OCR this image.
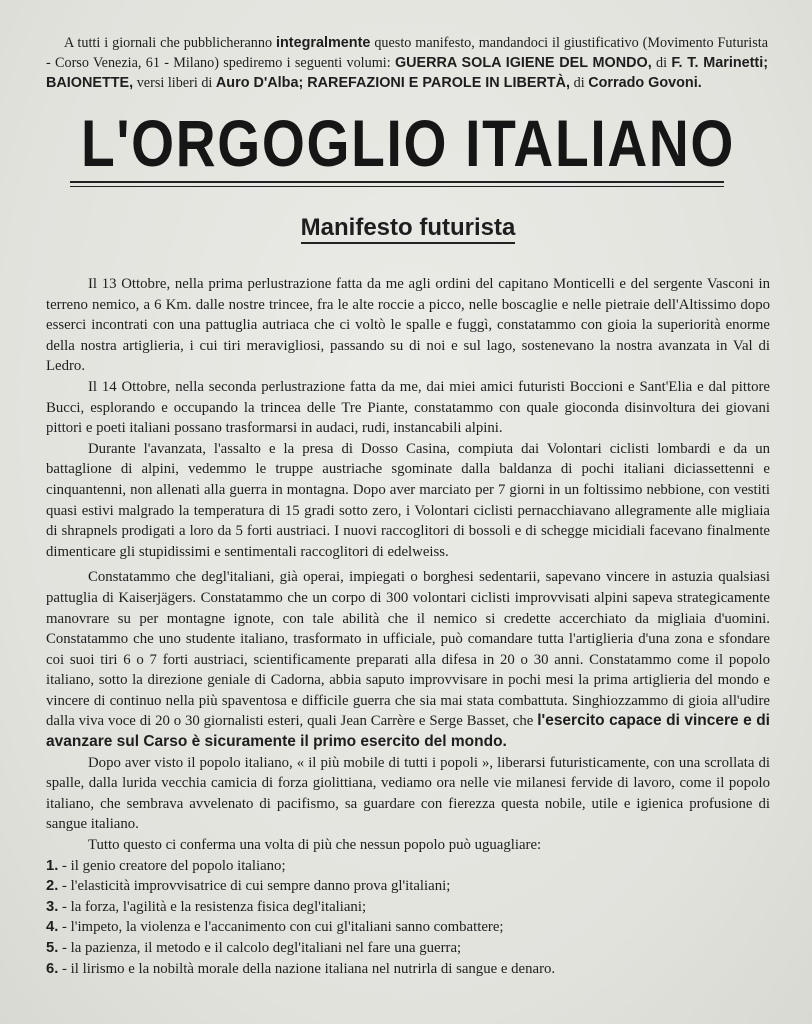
A tutti i giornali che pubblicheranno integralmente questo manifesto, mandandoci il giustificativo (Movimento Futurista - Corso Venezia, 61 - Milano) spediremo i seguenti volumi: GUERRA SOLA IGIENE DEL MONDO, di F. T. Marinetti; BAIONETTE, versi liberi di Auro D'Alba; RAREFAZIONI E PAROLE IN LIBERTÀ, di Corrado Govoni.
L'ORGOGLIO ITALIANO
Manifesto futurista

Il 13 Ottobre, nella prima perlustrazione fatta da me agli ordini del capitano Monticelli e del sergente Vasconi in terreno nemico, a 6 Km. dalle nostre trincee, fra le alte roccie a picco, nelle boscaglie e nelle pietraie dell'Altissimo dopo esserci incontrati con una pattuglia autriaca che ci voltò le spalle e fuggì, constatammo con gioia la superiorità enorme della nostra artiglieria, i cui tiri meravigliosi, passando su di noi e sul lago, sostenevano la nostra avanzata in Val di Ledro.

Il 14 Ottobre, nella seconda perlustrazione fatta da me, dai miei amici futuristi Boccioni e Sant'Elia e dal pittore Bucci, esplorando e occupando la trincea delle Tre Piante, constatammo con quale gioconda disinvoltura dei giovani pittori e poeti italiani possano trasformarsi in audaci, rudi, instancabili alpini.

Durante l'avanzata, l'assalto e la presa di Dosso Casina, compiuta dai Volontari ciclisti lombardi e da un battaglione di alpini, vedemmo le truppe austriache sgominate dalla baldanza di pochi italiani diciassettenni e cinquantenni, non allenati alla guerra in montagna. Dopo aver marciato per 7 giorni in un foltissimo nebbione, con vestiti quasi estivi malgrado la temperatura di 15 gradi sotto zero, i Volontari ciclisti pernacchiavano allegramente alle migliaia di shrapnels prodigati a loro da 5 forti austriaci. I nuovi raccoglitori di bossoli e di schegge micidiali facevano finalmente dimenticare gli stupidissimi e sentimentali raccoglitori di edelweiss.

Constatammo che degl'italiani, già operai, impiegati o borghesi sedentarii, sapevano vincere in astuzia qualsiasi pattuglia di Kaiserjägers. Constatammo che un corpo di 300 volontari ciclisti improvvisati alpini sapeva strategicamente manovrare su per montagne ignote, con tale abilità che il nemico si credette accerchiato da migliaia d'uomini. Constatammo che uno studente italiano, trasformato in ufficiale, può comandare tutta l'artiglieria d'una zona e sfondare coi suoi tiri 6 o 7 forti austriaci, scientificamente preparati alla difesa in 20 o 30 anni. Constatammo come il popolo italiano, sotto la direzione geniale di Cadorna, abbia saputo improvvisare in pochi mesi la prima artiglieria del mondo e vincere di continuo nella più spaventosa e difficile guerra che sia mai stata combattuta. Singhiozzammo di gioia all'udire dalla viva voce di 20 o 30 giornalisti esteri, quali Jean Carrère e Serge Basset, che l'esercito capace di vincere e di avanzare sul Carso è sicuramente il primo esercito del mondo.

Dopo aver visto il popolo italiano, « il più mobile di tutti i popoli », liberarsi futuristicamente, con una scrollata di spalle, dalla lurida vecchia camicia di forza giolittiana, vediamo ora nelle vie milanesi fervide di lavoro, come il popolo italiano, che sembrava avvelenato di pacifismo, sa guardare con fierezza questa nobile, utile e igienica profusione di sangue italiano.

Tutto questo ci conferma una volta di più che nessun popolo può uguagliare:

1. - il genio creatore del popolo italiano;
2. - l'elasticità improvvisatrice di cui sempre danno prova gl'italiani;
3. - la forza, l'agilità e la resistenza fisica degl'italiani;
4. - l'impeto, la violenza e l'accanimento con cui gl'italiani sanno combattere;
5. - la pazienza, il metodo e il calcolo degl'italiani nel fare una guerra;
6. - il lirismo e la nobiltà morale della nazione italiana nel nutrirla di sangue e denaro.
